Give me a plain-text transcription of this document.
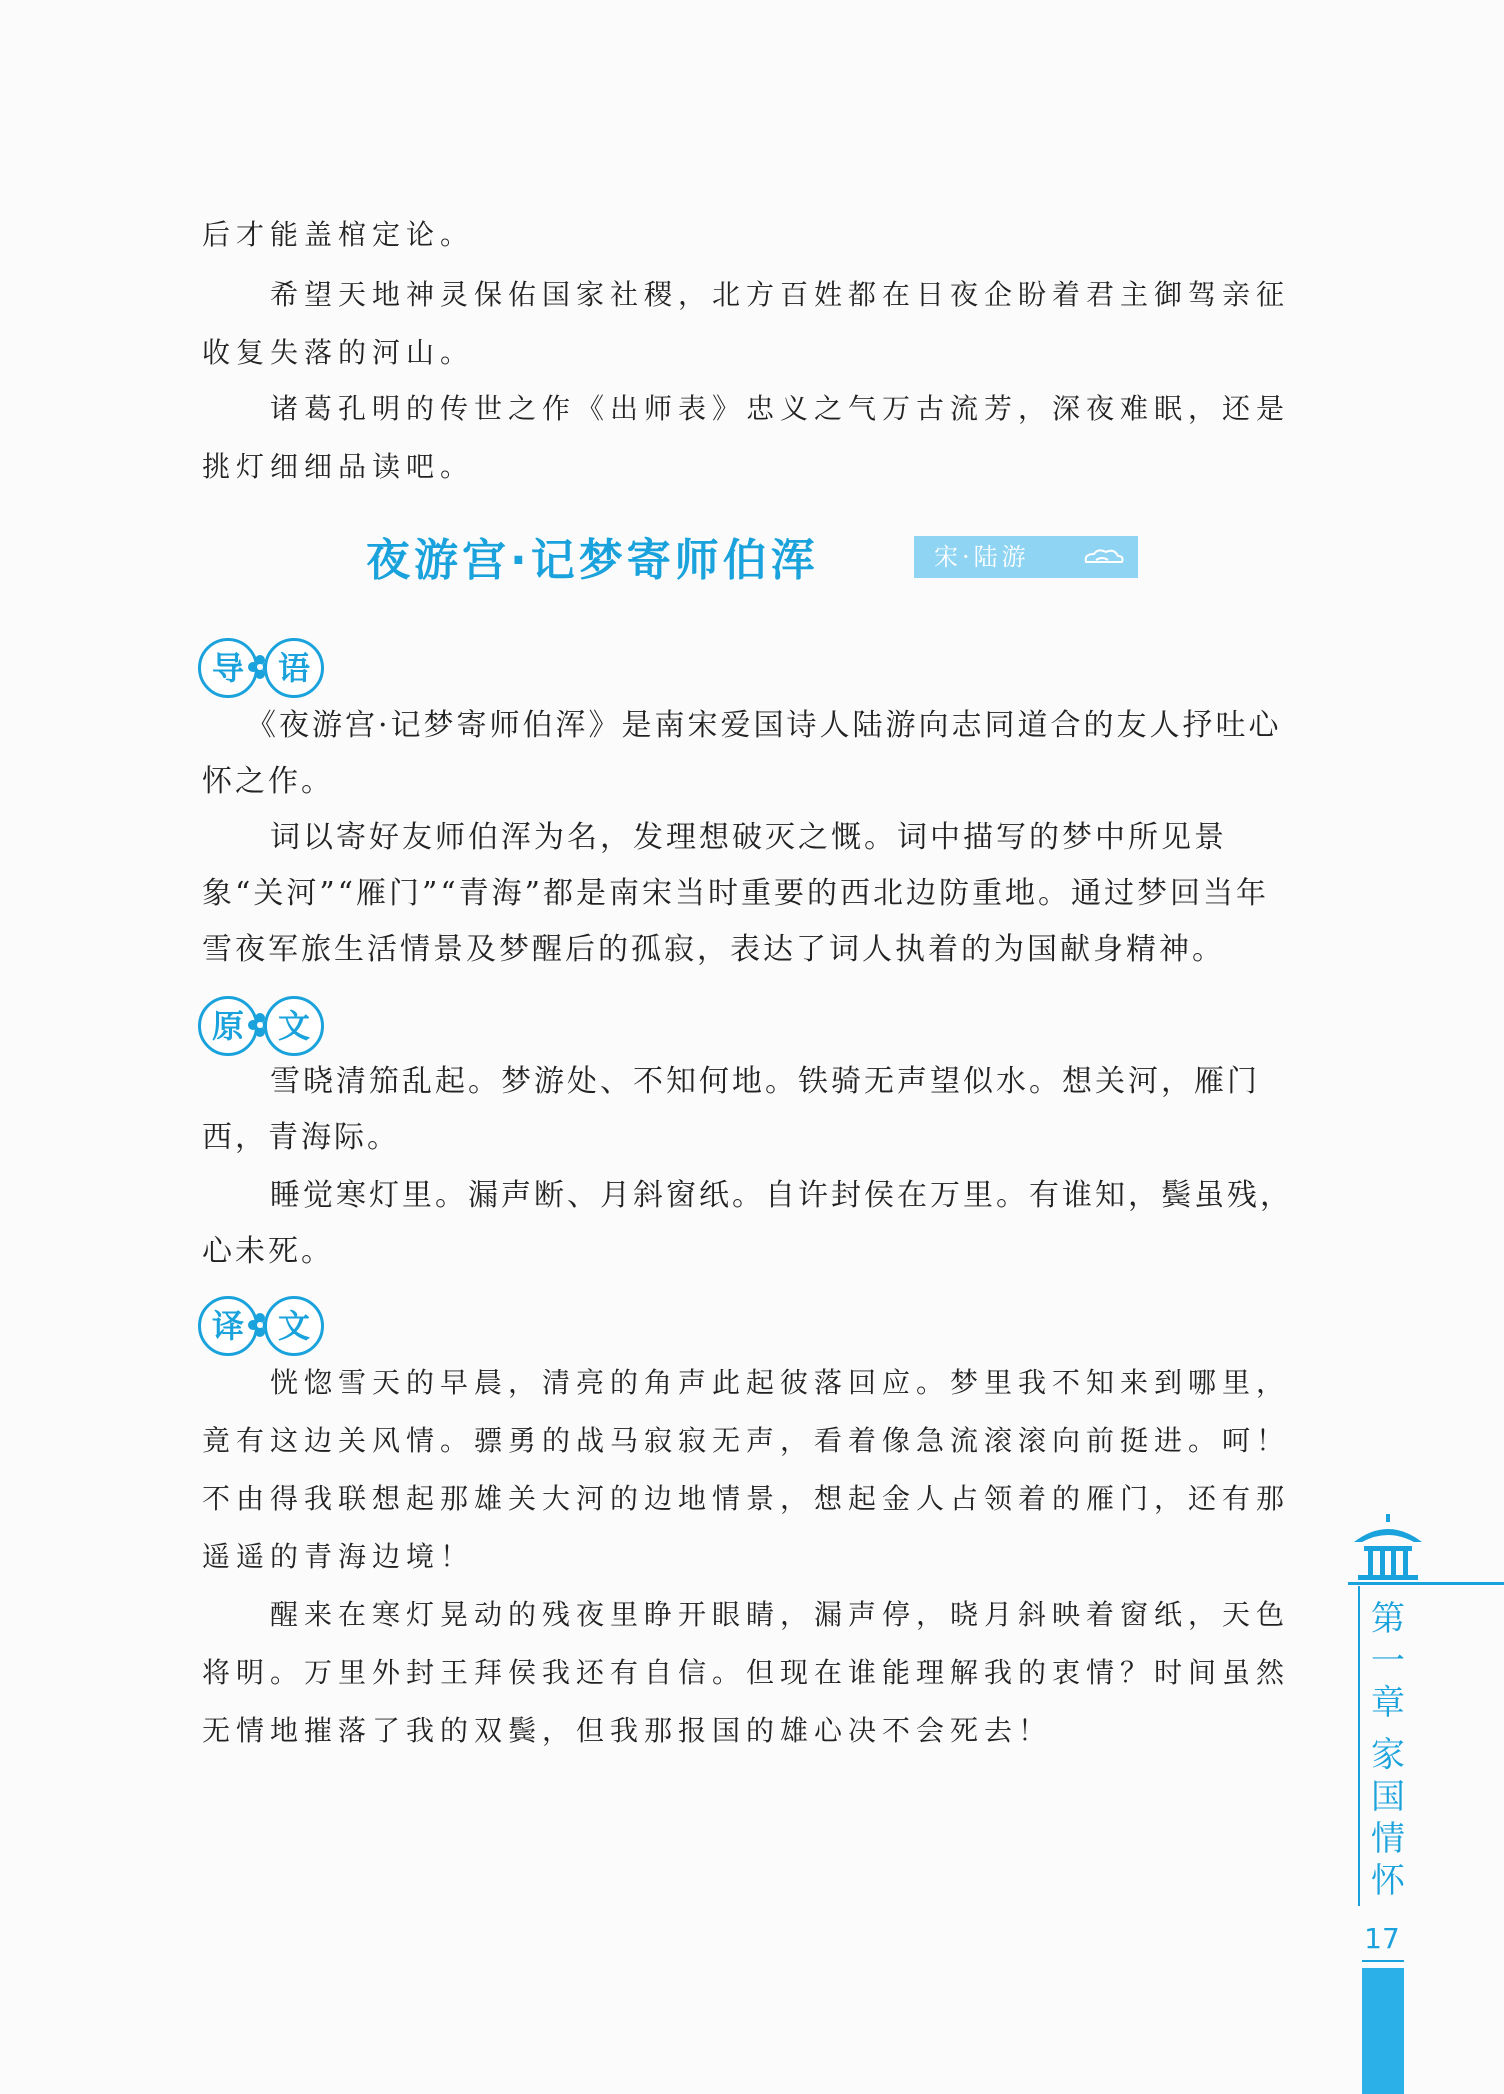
后才能盖棺定论。

希望天地神灵保佑国家社稷，北方百姓都在日夜企盼着君主御驾亲征收复失落的河山。

诸葛孔明的传世之作《出师表》忠义之气万古流芳，深夜难眠，还是挑灯细细品读吧。

夜游宫·记梦寄师伯浑	宋·陆游
导	语

《夜游宫·记梦寄师伯浑》是南宋爱国诗人陆游向志同道合的友人抒吐心怀之作。

词以寄好友师伯浑为名，发理想破灭之慨。词中描写的梦中所见景象“关河”“雁门”“青海”都是南宋当时重要的西北边防重地。通过梦回当年雪夜军旅生活情景及梦醒后的孤寂，表达了词人执着的为国献身精神。

原	文

雪晓清笳乱起。梦游处、不知何地。铁骑无声望似水。想关河，雁门西，青海际。

睡觉寒灯里。漏声断、月斜窗纸。自许封侯在万里。有谁知，鬓虽残，心未死。

译	文

恍惚雪天的早晨，清亮的角声此起彼落回应。梦里我不知来到哪里，竟有这边关风情。骠勇的战马寂寂无声，看着像急流滚滚向前挺进。呵！不由得我联想起那雄关大河的边地情景，想起金人占领着的雁门，还有那遥遥的青海边境！

醒来在寒灯晃动的残夜里睁开眼睛，漏声停，晓月斜映着窗纸，天色将明。万里外封王拜侯我还有自信。但现在谁能理解我的衷情？时间虽然无情地摧落了我的双鬓，但我那报国的雄心决不会死去！

第
一
章
家
国
情
怀
17
